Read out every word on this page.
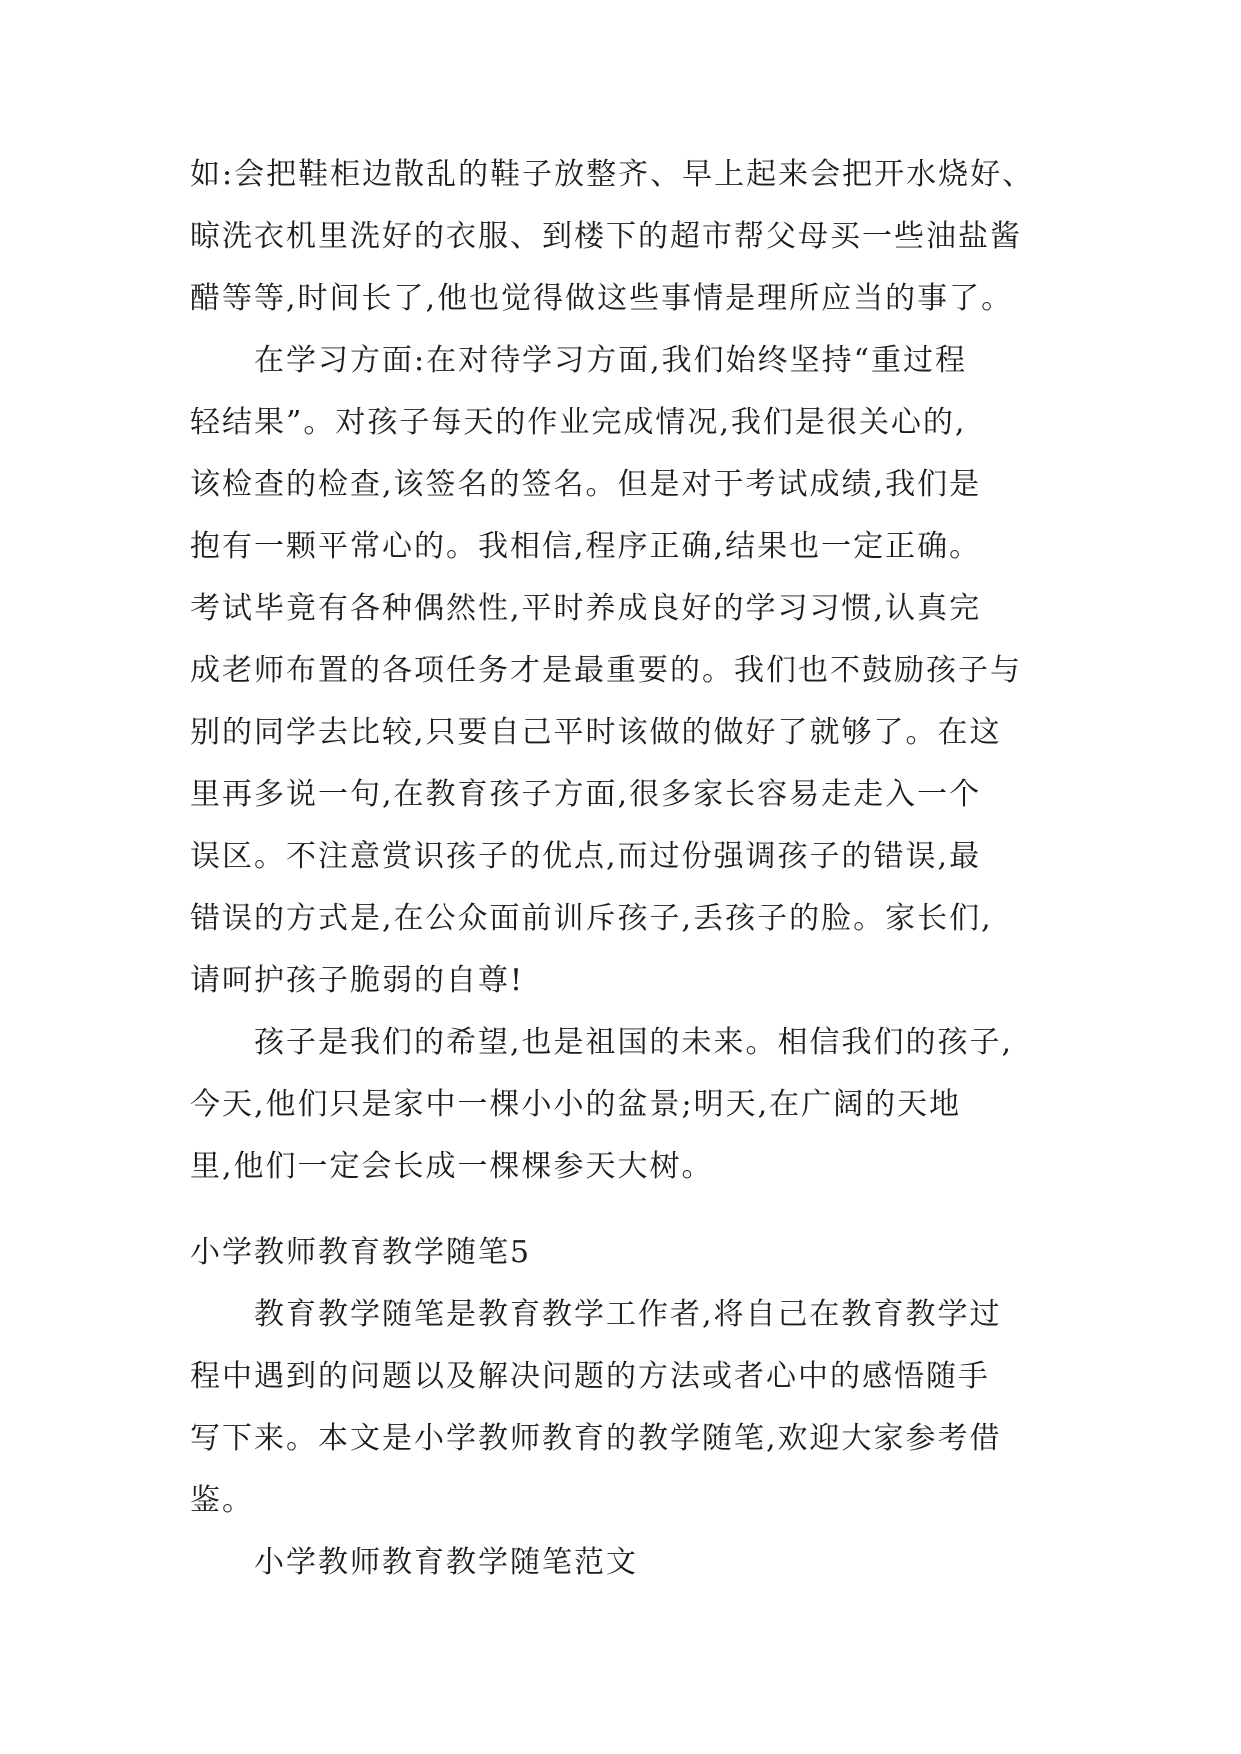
如:会把鞋柜边散乱的鞋子放整齐、早上起来会把开水烧好、
晾洗衣机里洗好的衣服、到楼下的超市帮父母买一些油盐酱
醋等等,时间长了,他也觉得做这些事情是理所应当的事了。
在学习方面:在对待学习方面,我们始终坚持“重过程
轻结果”。对孩子每天的作业完成情况,我们是很关心的,
该检查的检查,该签名的签名。但是对于考试成绩,我们是
抱有一颗平常心的。我相信,程序正确,结果也一定正确。
考试毕竟有各种偶然性,平时养成良好的学习习惯,认真完
成老师布置的各项任务才是最重要的。我们也不鼓励孩子与
别的同学去比较,只要自己平时该做的做好了就够了。在这
里再多说一句,在教育孩子方面,很多家长容易走走入一个
误区。不注意赏识孩子的优点,而过份强调孩子的错误,最
错误的方式是,在公众面前训斥孩子,丢孩子的脸。家长们,
请呵护孩子脆弱的自尊!
孩子是我们的希望,也是祖国的未来。相信我们的孩子,
今天,他们只是家中一棵小小的盆景;明天,在广阔的天地
里,他们一定会长成一棵棵参天大树。
小学教师教育教学随笔5
教育教学随笔是教育教学工作者,将自己在教育教学过
程中遇到的问题以及解决问题的方法或者心中的感悟随手
写下来。本文是小学教师教育的教学随笔,欢迎大家参考借
鉴。
小学教师教育教学随笔范文
